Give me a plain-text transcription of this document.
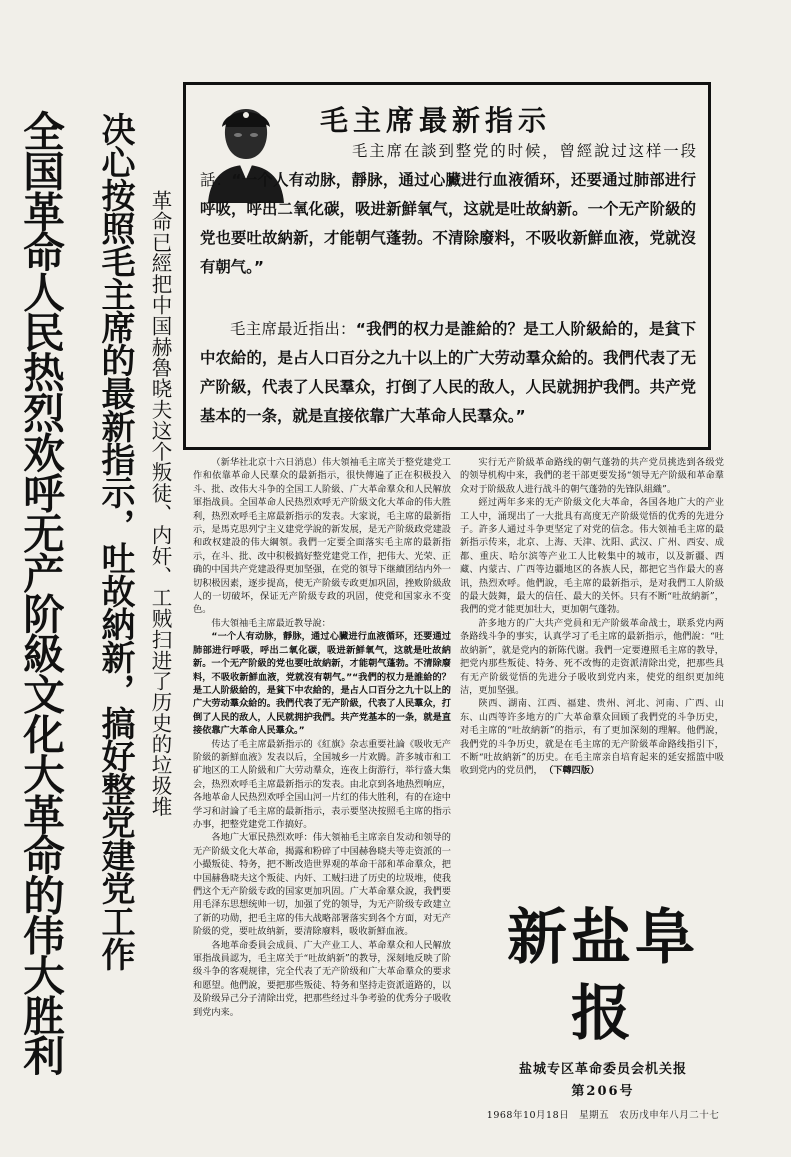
全国革命人民热烈欢呼无产阶級文化大革命的伟大胜利 决心按照毛主席的最新指示，吐故納新，搞好整党建党工作 革命已經把中国赫魯晓夫这个叛徒、内奸、工贼扫进了历史的垃圾堆
毛主席最新指示

毛主席在談到整党的时候，曾經說过这样一段話：“一个人有动脉，靜脉，通过心臟进行血液循环，还要通过肺部进行呼吸，呼出二氧化碳，吸进新鮮氧气，这就是吐故納新。一个无产阶級的党也要吐故納新，才能朝气蓬勃。不清除廢料，不吸收新鮮血液，党就沒有朝气。”

毛主席最近指出：“我們的权力是誰給的？是工人阶級給的，是貧下中农給的，是占人口百分之九十以上的广大劳动羣众給的。我們代表了无产阶級，代表了人民羣众，打倒了人民的敌人，人民就拥护我們。共产党基本的一条，就是直接依靠广大革命人民羣众。”

（新华社北京十六日消息）伟大領袖毛主席关于整党建党工作和依靠革命人民羣众的最新指示，很快傳遍了正在积极投入斗、批、改伟大斗争的全国工人阶級、广大革命羣众和人民解放軍指战員。全国革命人民热烈欢呼无产阶級文化大革命的伟大胜利，热烈欢呼毛主席最新指示的发表。大家说，毛主席的最新指示，是馬克思列宁主义建党学說的新发展，是无产阶級政党建設和政权建設的伟大綱領。我們一定要全面落实毛主席的最新指示，在斗、批、改中积极搞好整党建党工作，把伟大、光荣、正确的中国共产党建設得更加坚强，在党的領导下继續团结内外一切积极因素，逐步提高，使无产阶級专政更加巩固，挫败阶級敌人的一切破坏，保证无产阶級专政的巩固，使党和国家永不变色。

伟大領袖毛主席最近教导說：

“一个人有动脉，靜脉，通过心臟进行血液循环，还要通过肺部进行呼吸，呼出二氧化碳，吸进新鮮氧气，这就是吐故納新。一个无产阶級的党也要吐故納新，才能朝气蓬勃。不清除廢料，不吸收新鮮血液，党就沒有朝气。”“我們的权力是誰給的？是工人阶級給的，是貧下中农給的，是占人口百分之九十以上的广大劳动羣众給的。我們代表了无产阶級，代表了人民羣众，打倒了人民的敌人，人民就拥护我們。共产党基本的一条，就是直接依靠广大革命人民羣众。”

传达了毛主席最新指示的《紅旗》杂志重要社論《吸收无产阶級的新鮮血液》发表以后，全国城乡一片欢腾。許多城市和工矿地区的工人阶級和广大劳动羣众，连夜上街游行，举行盛大集会，热烈欢呼毛主席最新指示的发表。由北京到各地热烈响应，各地革命人民热烈欢呼全国山河一片红的伟大胜利，有的在途中学习和討論了毛主席的最新指示，表示要坚决按照毛主席的指示办事，把整党建党工作搞好。

各地广大軍民热烈欢呼：伟大領袖毛主席亲自发动和领导的无产阶級文化大革命，揭露和粉碎了中国赫魯晓夫等走资派的一小撮叛徒、特务，把不断改造世界观的革命干部和革命羣众，把中国赫魯晓夫这个叛徒、内奸、工贼扫进了历史的垃圾堆，使我們这个无产阶級专政的国家更加巩固。广大革命羣众說，我們要用毛泽东思想统帅一切，加强了党的领导，为无产阶级专政建立了新的功勋，把毛主席的伟大战略部署落实到各个方面，对无产阶級的党，要吐故纳新，要清除廢料，吸收新鮮血液。

各地革命委員会成員、广大产业工人、革命羣众和人民解放軍指战員認为，毛主席关于“吐故納新”的教导，深刻地反映了阶级斗争的客观规律，完全代表了无产阶级和广大革命羣众的要求和愿望。他們說，要把那些叛徒、特务和坚持走资派道路的，以及阶级异己分子清除出党，把那些经过斗争考验的优秀分子吸收到党内来。

实行无产阶級革命路线的朝气蓬勃的共产党员挑选到各级党的领导机构中来，我們的老干部更要发扬“领导无产阶級和革命羣众对于阶級敌人进行战斗的朝气蓬勃的先锋队組織”。

經过两年多来的无产阶級文化大革命，各国各地广大的产业工人中，涌现出了一大批具有高度无产阶級觉悟的优秀的先进分子。許多人通过斗争更坚定了对党的信念。伟大领袖毛主席的最新指示传来，北京、上海、天津、沈阳、武汉、广州、西安、成都、重庆、哈尔滨等产业工人比較集中的城市，以及新疆、西藏、内蒙古、广西等边疆地区的各族人民，都把它当作最大的喜讯，热烈欢呼。他們說，毛主席的最新指示，是对我們工人阶級的最大鼓舞，最大的信任、最大的关怀。只有不断“吐故納新”，我們的党才能更加壮大，更加朝气蓬勃。

許多地方的广大共产党員和无产阶級革命战士，联系党内两条路线斗争的事实，认真学习了毛主席的最新指示，他們說：“吐故納新”，就是党内的新陈代谢。我們一定要遵照毛主席的教导，把党内那些叛徒、特务、死不改悔的走资派清除出党，把那些具有无产阶級觉悟的先进分子吸收到党内来，使党的组织更加纯洁，更加坚强。

陝西、湖南、江西、福建、贵州、河北、河南、广西、山东、山西等许多地方的广大革命羣众回顾了我們党的斗争历史，对毛主席的“吐故納新”的指示，有了更加深刻的理解。他們說，我們党的斗争历史，就是在毛主席的无产阶級革命路线指引下，不断“吐故納新”的历史。在毛主席亲自培育起来的延安摇篮中吸收到党内的党员們， （下轉四版）

新盐阜报
盐城专区革命委员会机关报
第206号
1968年10月18日　 星期五　 农历戊申年八月二十七
